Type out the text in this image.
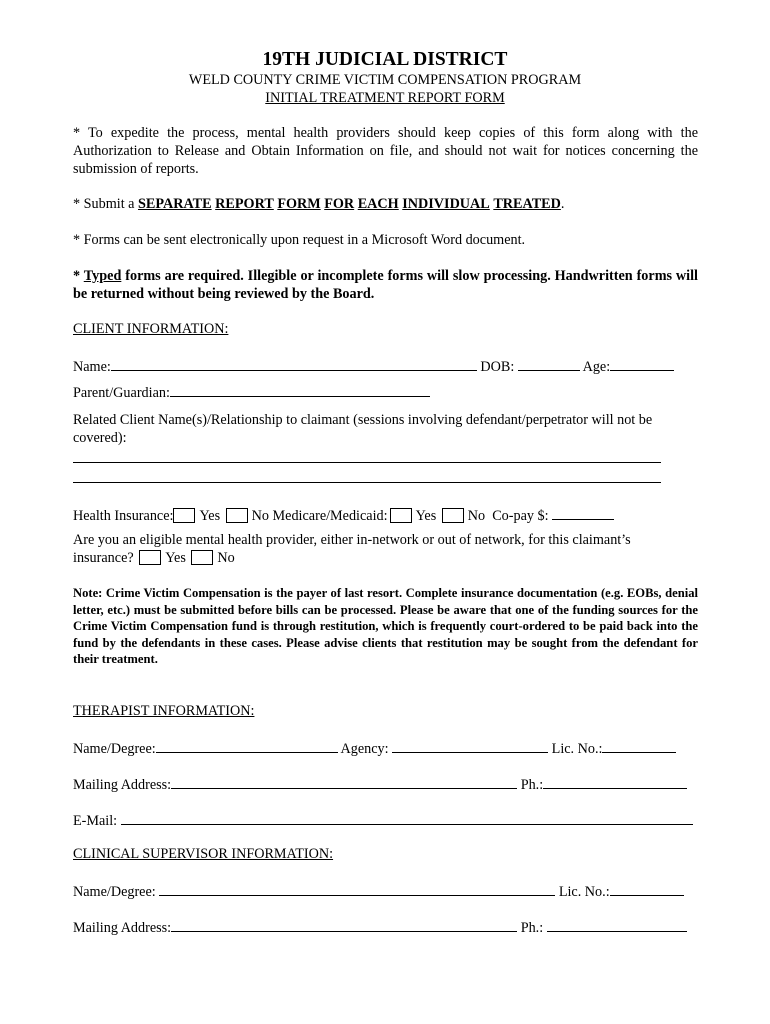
19TH JUDICIAL DISTRICT
WELD COUNTY CRIME VICTIM COMPENSATION PROGRAM
INITIAL TREATMENT REPORT FORM
* To expedite the process, mental health providers should keep copies of this form along with the Authorization to Release and Obtain Information on file, and should not wait for notices concerning the submission of reports.
* Submit a SEPARATE REPORT FORM FOR EACH INDIVIDUAL TREATED.
* Forms can be sent electronically upon request in a Microsoft Word document.
* Typed forms are required. Illegible or incomplete forms will slow processing. Handwritten forms will be returned without being reviewed by the Board.
CLIENT INFORMATION:
Name:	DOB:	Age:
Parent/Guardian:
Related Client Name(s)/Relationship to claimant (sessions involving defendant/perpetrator will not be covered):
Health Insurance: Yes No Medicare/Medicaid: Yes No Co-pay $:
Are you an eligible mental health provider, either in-network or out of network, for this claimant’s
insurance? Yes No
Note: Crime Victim Compensation is the payer of last resort. Complete insurance documentation (e.g. EOBs, denial letter, etc.) must be submitted before bills can be processed. Please be aware that one of the funding sources for the Crime Victim Compensation fund is through restitution, which is frequently court-ordered to be paid back into the fund by the defendants in these cases. Please advise clients that restitution may be sought from the defendant for their treatment.
THERAPIST INFORMATION:
Name/Degree:	Agency:	Lic. No.:
Mailing Address:	Ph.:
E-Mail:
CLINICAL SUPERVISOR INFORMATION:
Name/Degree:	Lic. No.:
Mailing Address:	Ph.:
